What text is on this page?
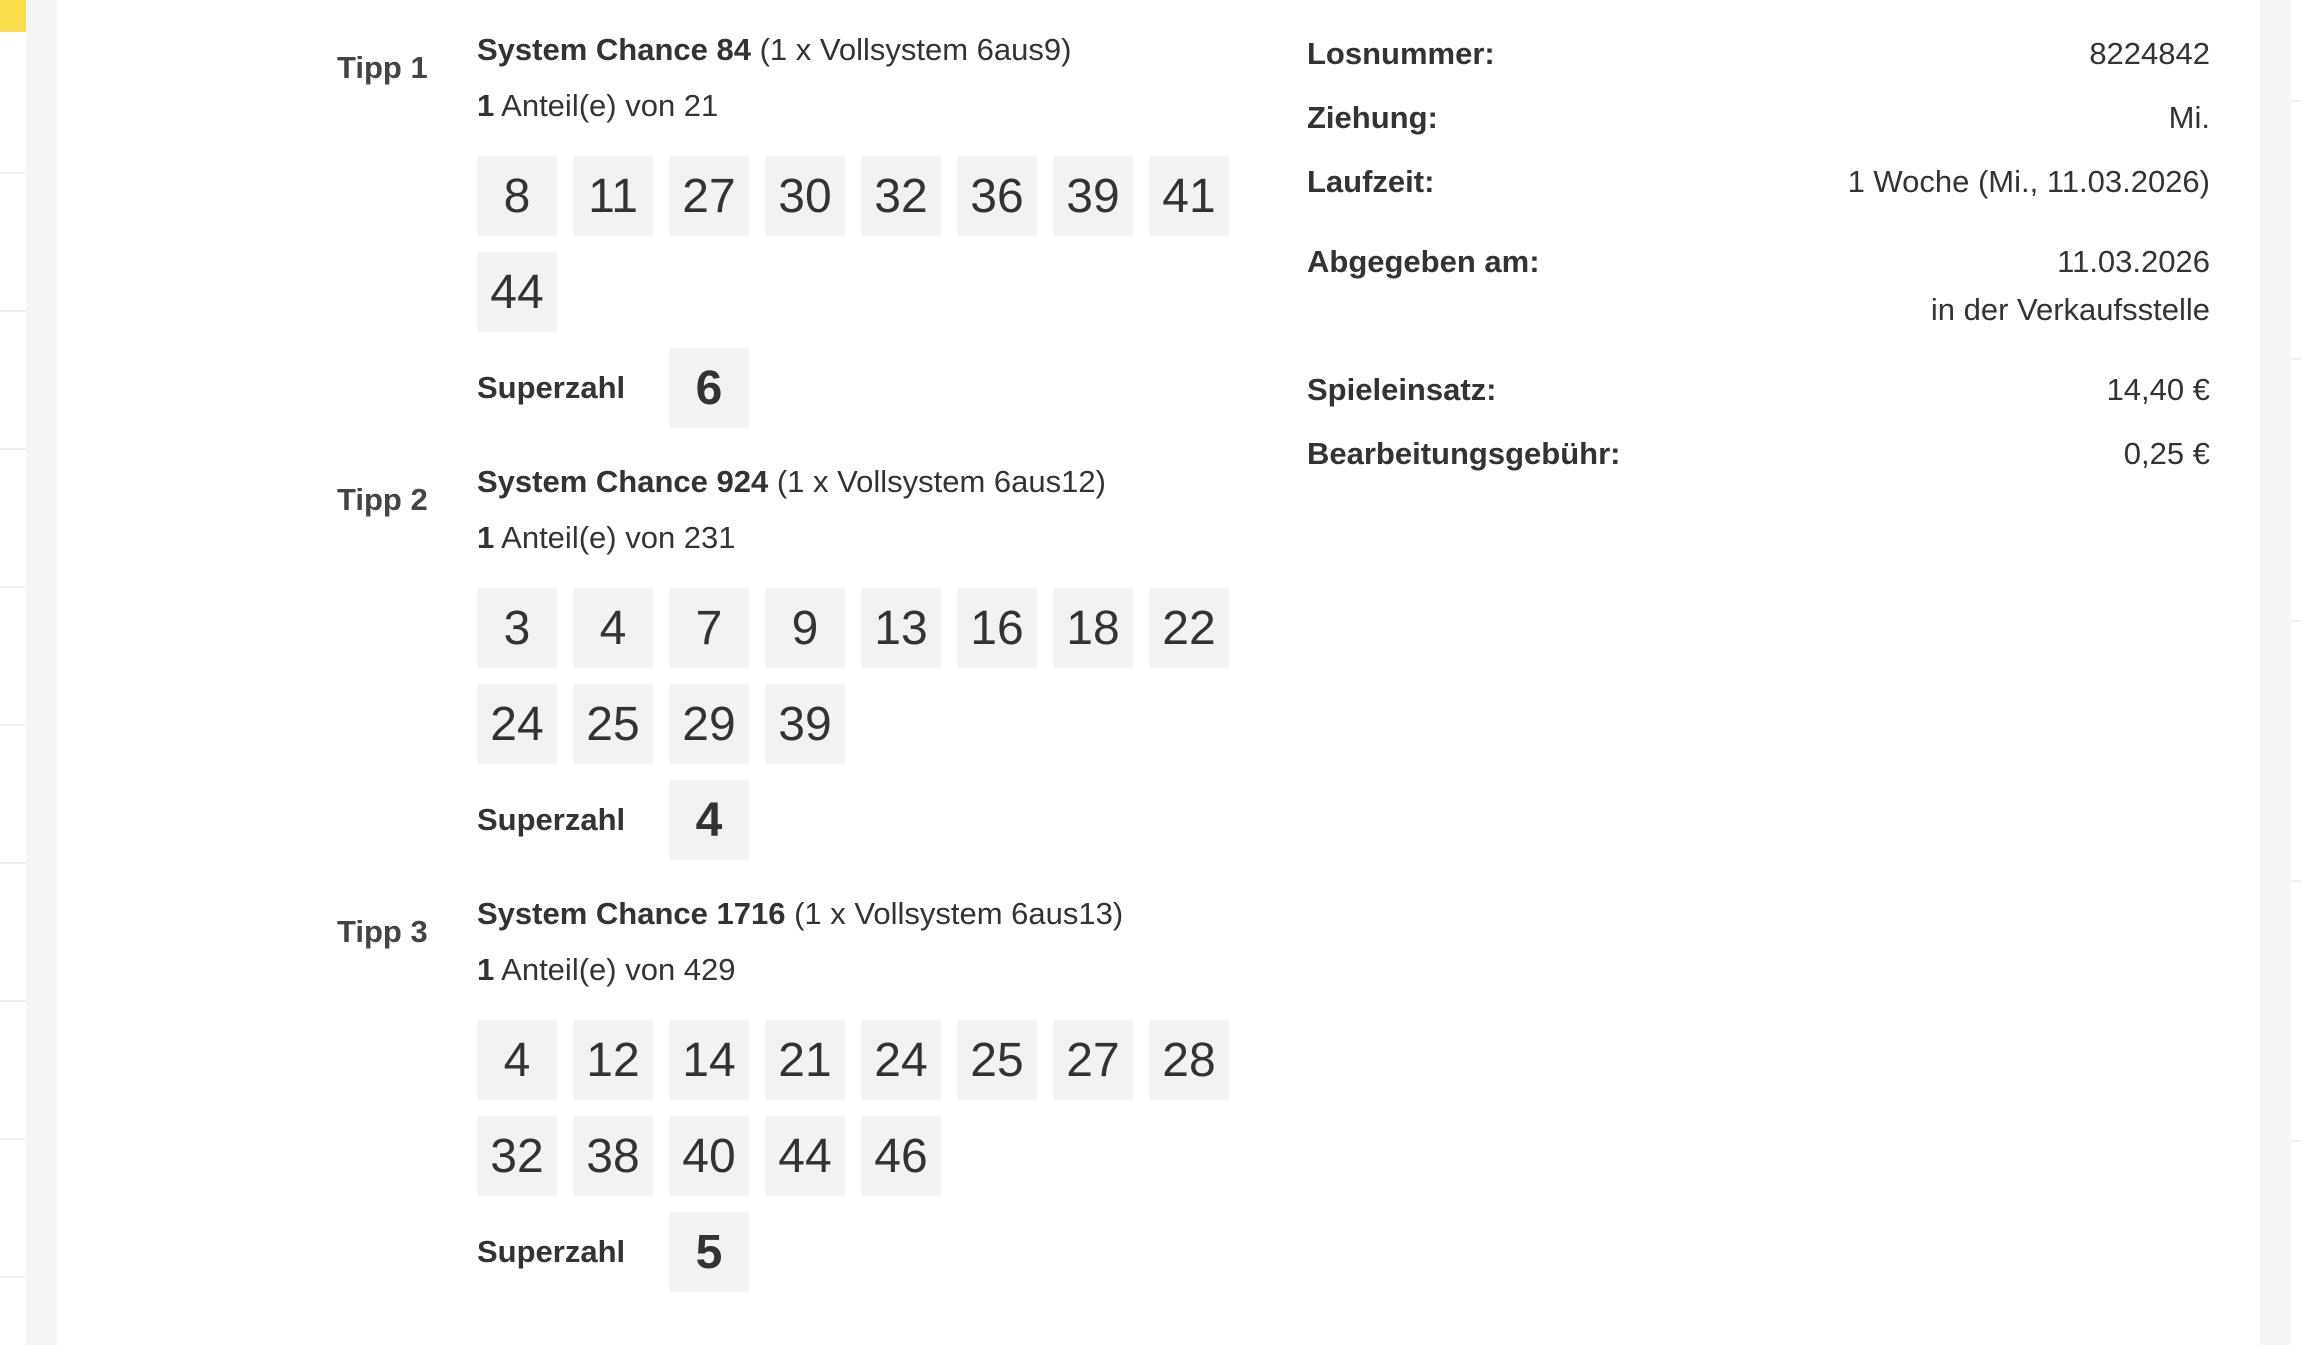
Tipp 1
System Chance 84 (1 x Vollsystem 6aus9)
1 Anteil(e) von 21
8	11 27 30 32 36 39 41
44
Superzahl	6
Tipp 2
System Chance 924 (1 x Vollsystem 6aus12)
1 Anteil(e) von 231
3	4	7	9	13 16 18 22
24 25 29 39
Superzahl	4
Tipp 3
System Chance 1716 (1 x Vollsystem 6aus13)
1 Anteil(e) von 429
4	12 14 21 24 25 27 28
32 38 40 44 46
Superzahl	5
Losnummer:	8224842
Ziehung:	Mi.
Laufzeit:	1 Woche (Mi., 11.03.2026)
Abgegeben am:	11.03.2026
in der Verkaufsstelle
Spieleinsatz:	14,40 €
Bearbeitungsgebühr:	0,25 €
